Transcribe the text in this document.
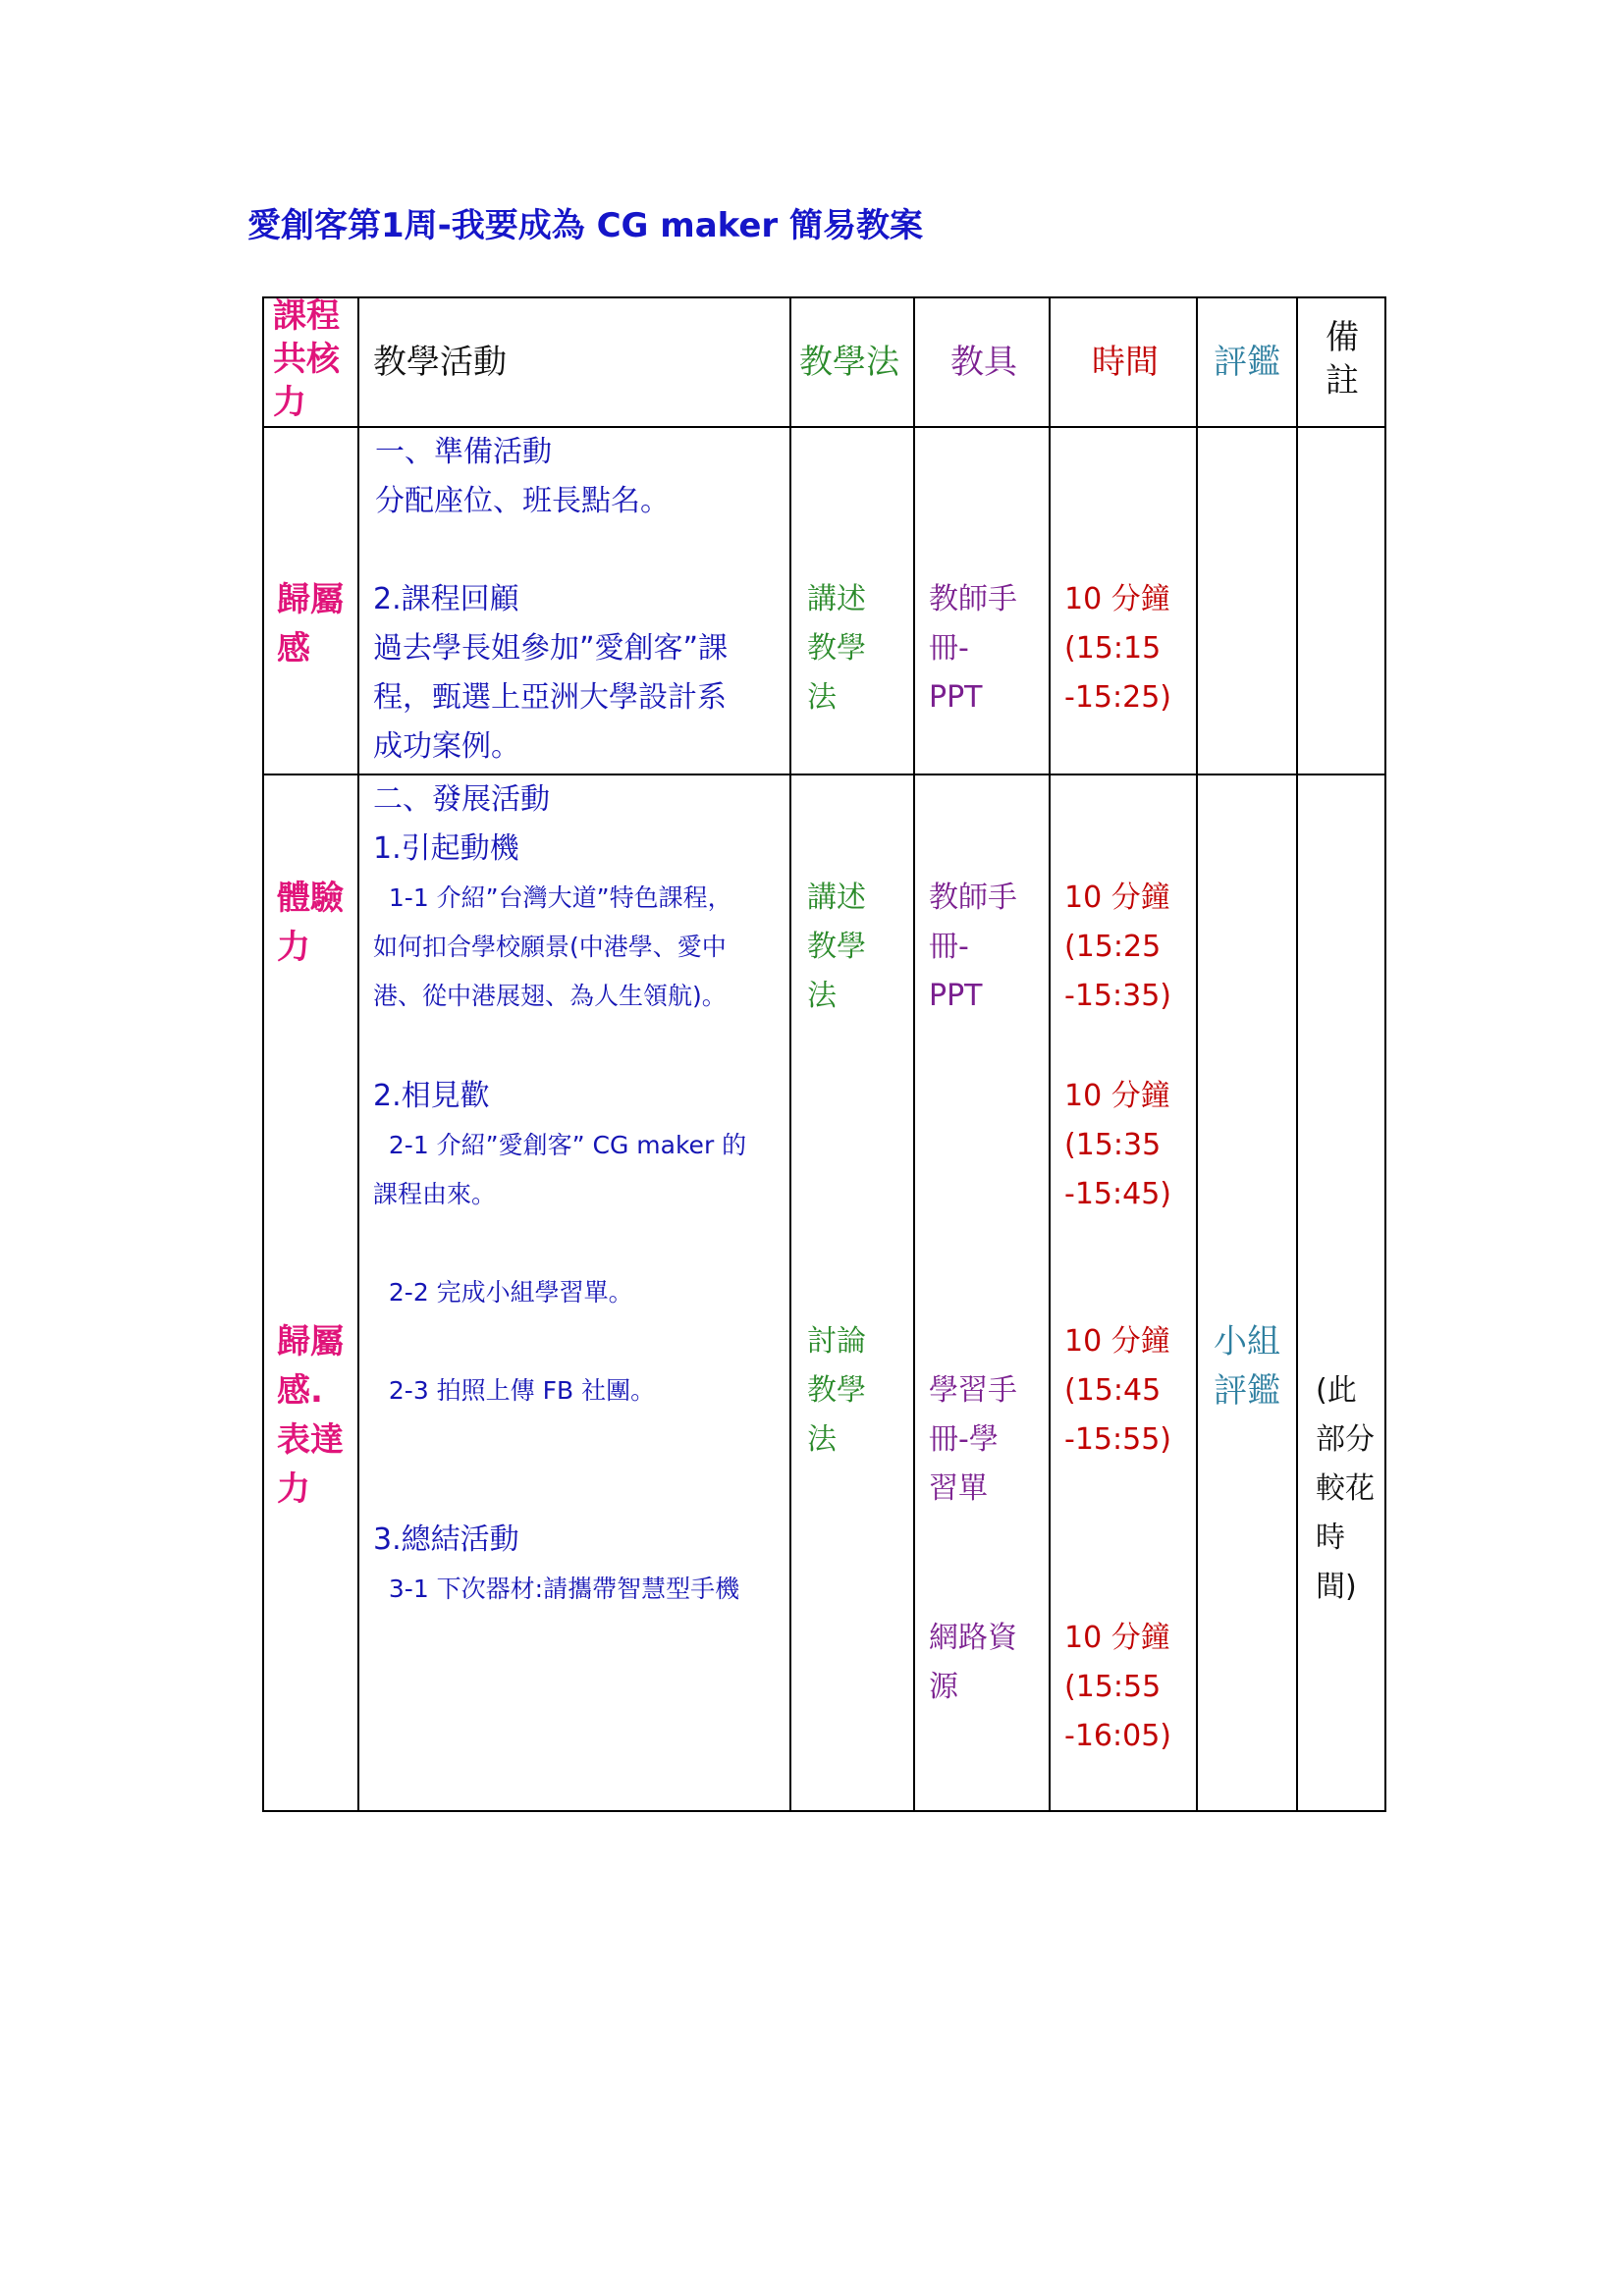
愛創客第1周-我要成為 CG maker 簡易教案
課程
共核
力
教學活動	教學法 教具 時間 評鑑
備
註
歸屬
感
一、準備活動
分配座位、班長點名。
2.課程回顧
過去學長姐參加”愛創客”課
程，甄選上亞洲大學設計系
成功案例。
講述
教學
法
教師手
冊-
PPT
10 分鐘
(15:15
-15:25)
體驗
力
歸屬
感.
表達
力
二、發展活動
1.引起動機
1-1 介紹”台灣大道”特色課程，
如何扣合學校願景(中港學、愛中
港、從中港展翅、為人生領航)。
2.相見歡
2-1 介紹”愛創客” CG maker 的
課程由來。
2-2 完成小組學習單。
2-3 拍照上傳 FB 社團。
3.總結活動
3-1 下次器材:請攜帶智慧型手機
講述
教學
法
討論
教學
法
教師手
冊-
PPT
學習手
冊-學
習單
網路資
源
10 分鐘
(15:25
-15:35)
10 分鐘
(15:35
-15:45)
10 分鐘
(15:45
-15:55)
10 分鐘
(15:55
-16:05)
小組
評鑑 (此
部分
較花
時
間)
